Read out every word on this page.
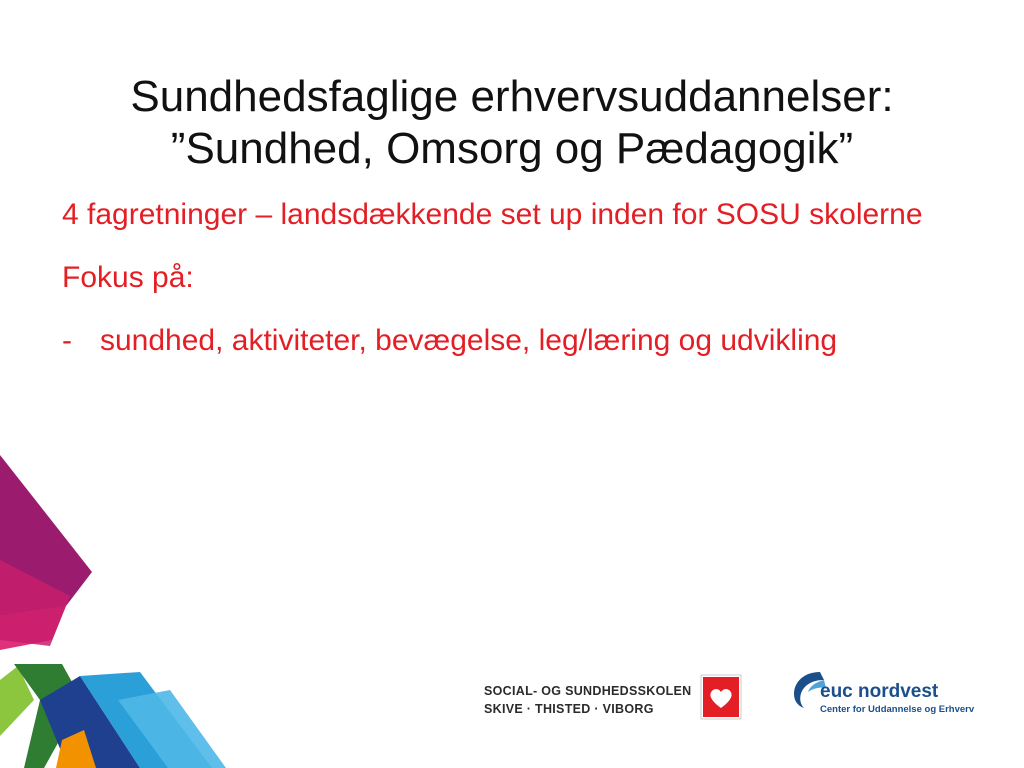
Sundhedsfaglige erhvervsuddannelser:
”Sundhed, Omsorg og Pædagogik”

4 fagretninger – landsdækkende set up inden for SOSU skolerne

Fokus på:

- sundhed, aktiviteter, bevægelse, leg/læring og udvikling
SOCIAL- OG SUNDHEDSSKOLEN
SKIVE · THISTED · VIBORG
euc nordvest
Center for Uddannelse og Erhverv
